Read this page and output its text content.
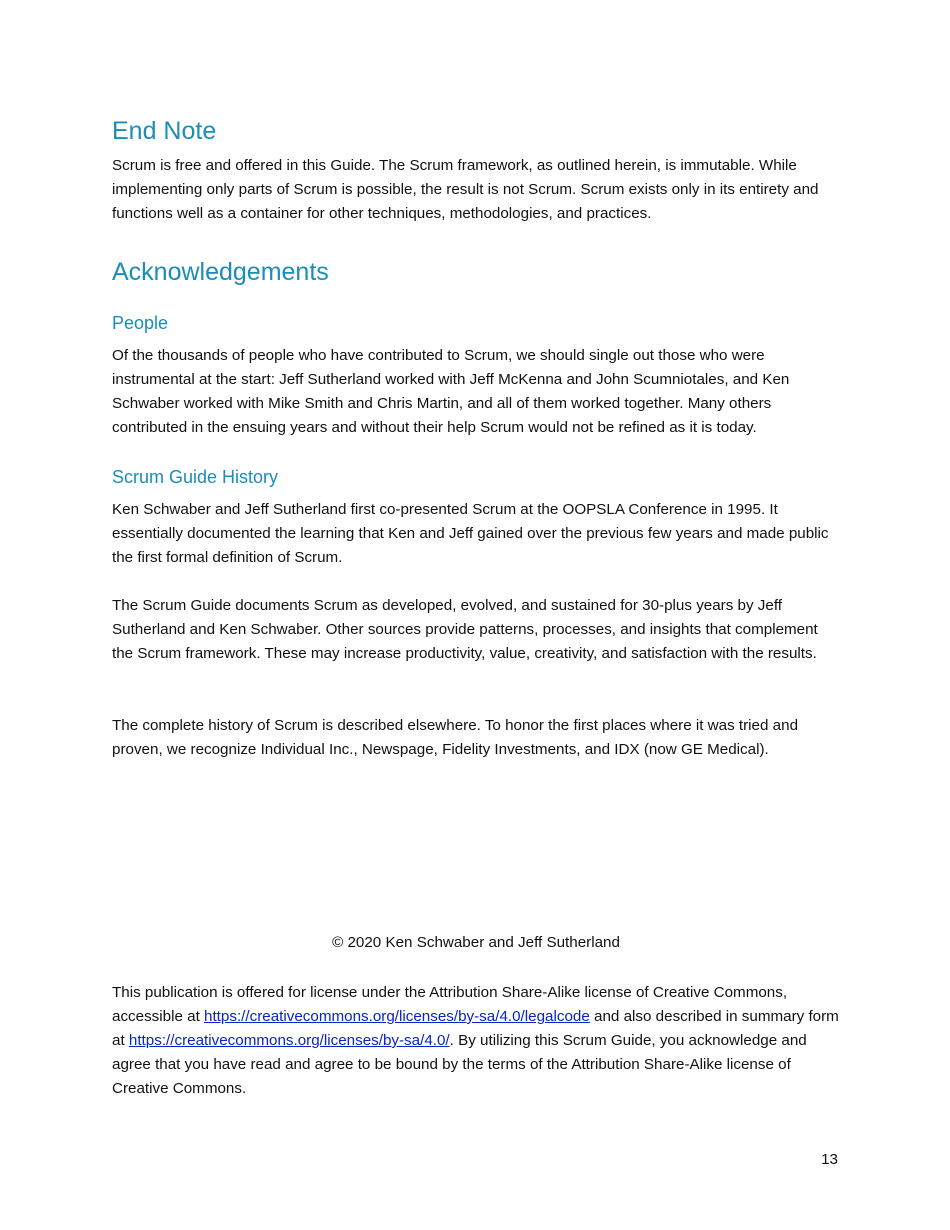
End Note

Scrum is free and offered in this Guide. The Scrum framework, as outlined herein, is immutable. While implementing only parts of Scrum is possible, the result is not Scrum. Scrum exists only in its entirety and functions well as a container for other techniques, methodologies, and practices.

Acknowledgements
People

Of the thousands of people who have contributed to Scrum, we should single out those who were instrumental at the start: Jeff Sutherland worked with Jeff McKenna and John Scumniotales, and Ken Schwaber worked with Mike Smith and Chris Martin, and all of them worked together. Many others contributed in the ensuing years and without their help Scrum would not be refined as it is today.

Scrum Guide History

Ken Schwaber and Jeff Sutherland first co-presented Scrum at the OOPSLA Conference in 1995. It essentially documented the learning that Ken and Jeff gained over the previous few years and made public the first formal definition of Scrum.

The Scrum Guide documents Scrum as developed, evolved, and sustained for 30-plus years by Jeff Sutherland and Ken Schwaber. Other sources provide patterns, processes, and insights that complement the Scrum framework. These may increase productivity, value, creativity, and satisfaction with the results.

The complete history of Scrum is described elsewhere. To honor the first places where it was tried and proven, we recognize Individual Inc., Newspage, Fidelity Investments, and IDX (now GE Medical).

© 2020 Ken Schwaber and Jeff Sutherland

This publication is offered for license under the Attribution Share-Alike license of Creative Commons, accessible at https://creativecommons.org/licenses/by-sa/4.0/legalcode and also described in summary form at https://creativecommons.org/licenses/by-sa/4.0/. By utilizing this Scrum Guide, you acknowledge and agree that you have read and agree to be bound by the terms of the Attribution Share-Alike license of Creative Commons.

13
